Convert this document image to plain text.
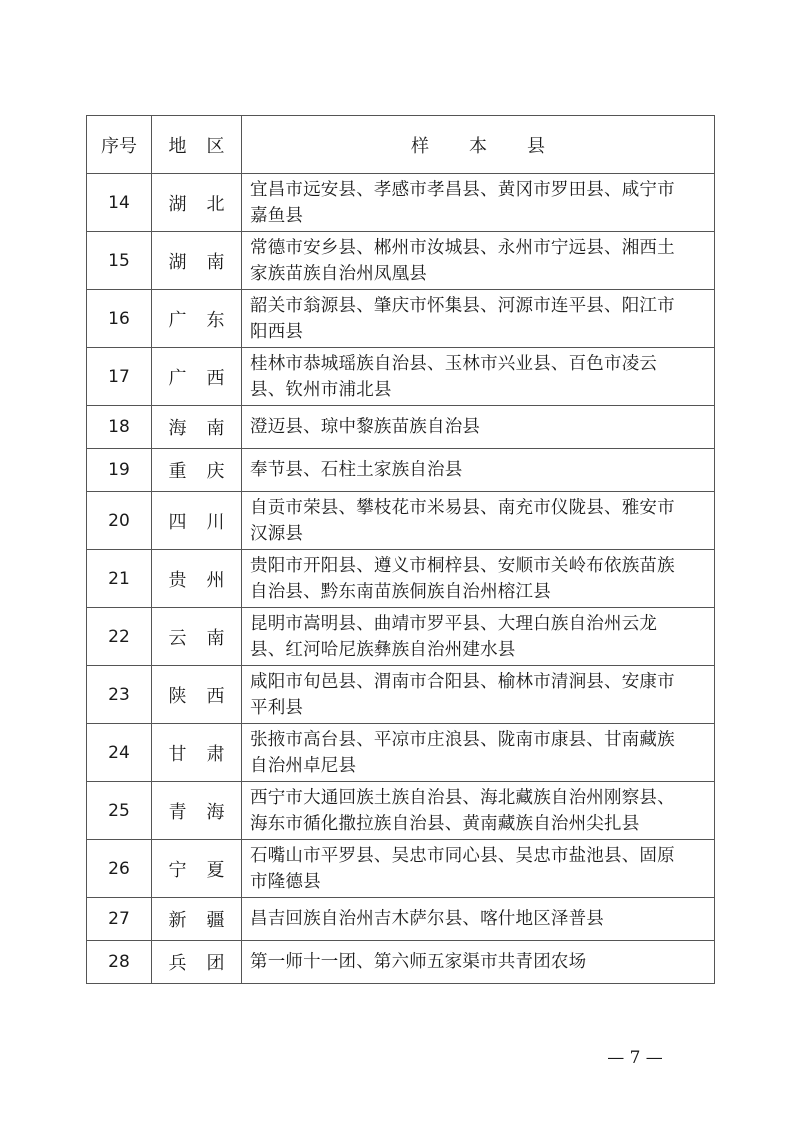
序号	地 区	样 本 县
14	湖 北	宜昌市远安县、孝感市孝昌县、黄冈市罗田县、咸宁市
嘉鱼县

15	湖 南	常德市安乡县、郴州市汝城县、永州市宁远县、湘西土
家族苗族自治州凤凰县

16	广 东	韶关市翁源县、肇庆市怀集县、河源市连平县、阳江市
阳西县

17	广 西	桂林市恭城瑶族自治县、玉林市兴业县、百色市凌云
县、钦州市浦北县

18	海 南	澄迈县、琼中黎族苗族自治县

19	重 庆	奉节县、石柱土家族自治县

20	四 川	自贡市荣县、攀枝花市米易县、南充市仪陇县、雅安市
汉源县

21	贵 州	贵阳市开阳县、遵义市桐梓县、安顺市关岭布依族苗族
自治县、黔东南苗族侗族自治州榕江县

22	云 南	昆明市嵩明县、曲靖市罗平县、大理白族自治州云龙
县、红河哈尼族彝族自治州建水县

23	陕 西	咸阳市旬邑县、渭南市合阳县、榆林市清涧县、安康市
平利县

24	甘 肃	张掖市高台县、平凉市庄浪县、陇南市康县、甘南藏族
自治州卓尼县

25	青 海	西宁市大通回族土族自治县、海北藏族自治州刚察县、
海东市循化撒拉族自治县、黄南藏族自治州尖扎县

26	宁 夏	石嘴山市平罗县、吴忠市同心县、吴忠市盐池县、固原
市隆德县

27	新 疆	昌吉回族自治州吉木萨尔县、喀什地区泽普县

28	兵 团	第一师十一团、第六师五家渠市共青团农场
— 7 —
